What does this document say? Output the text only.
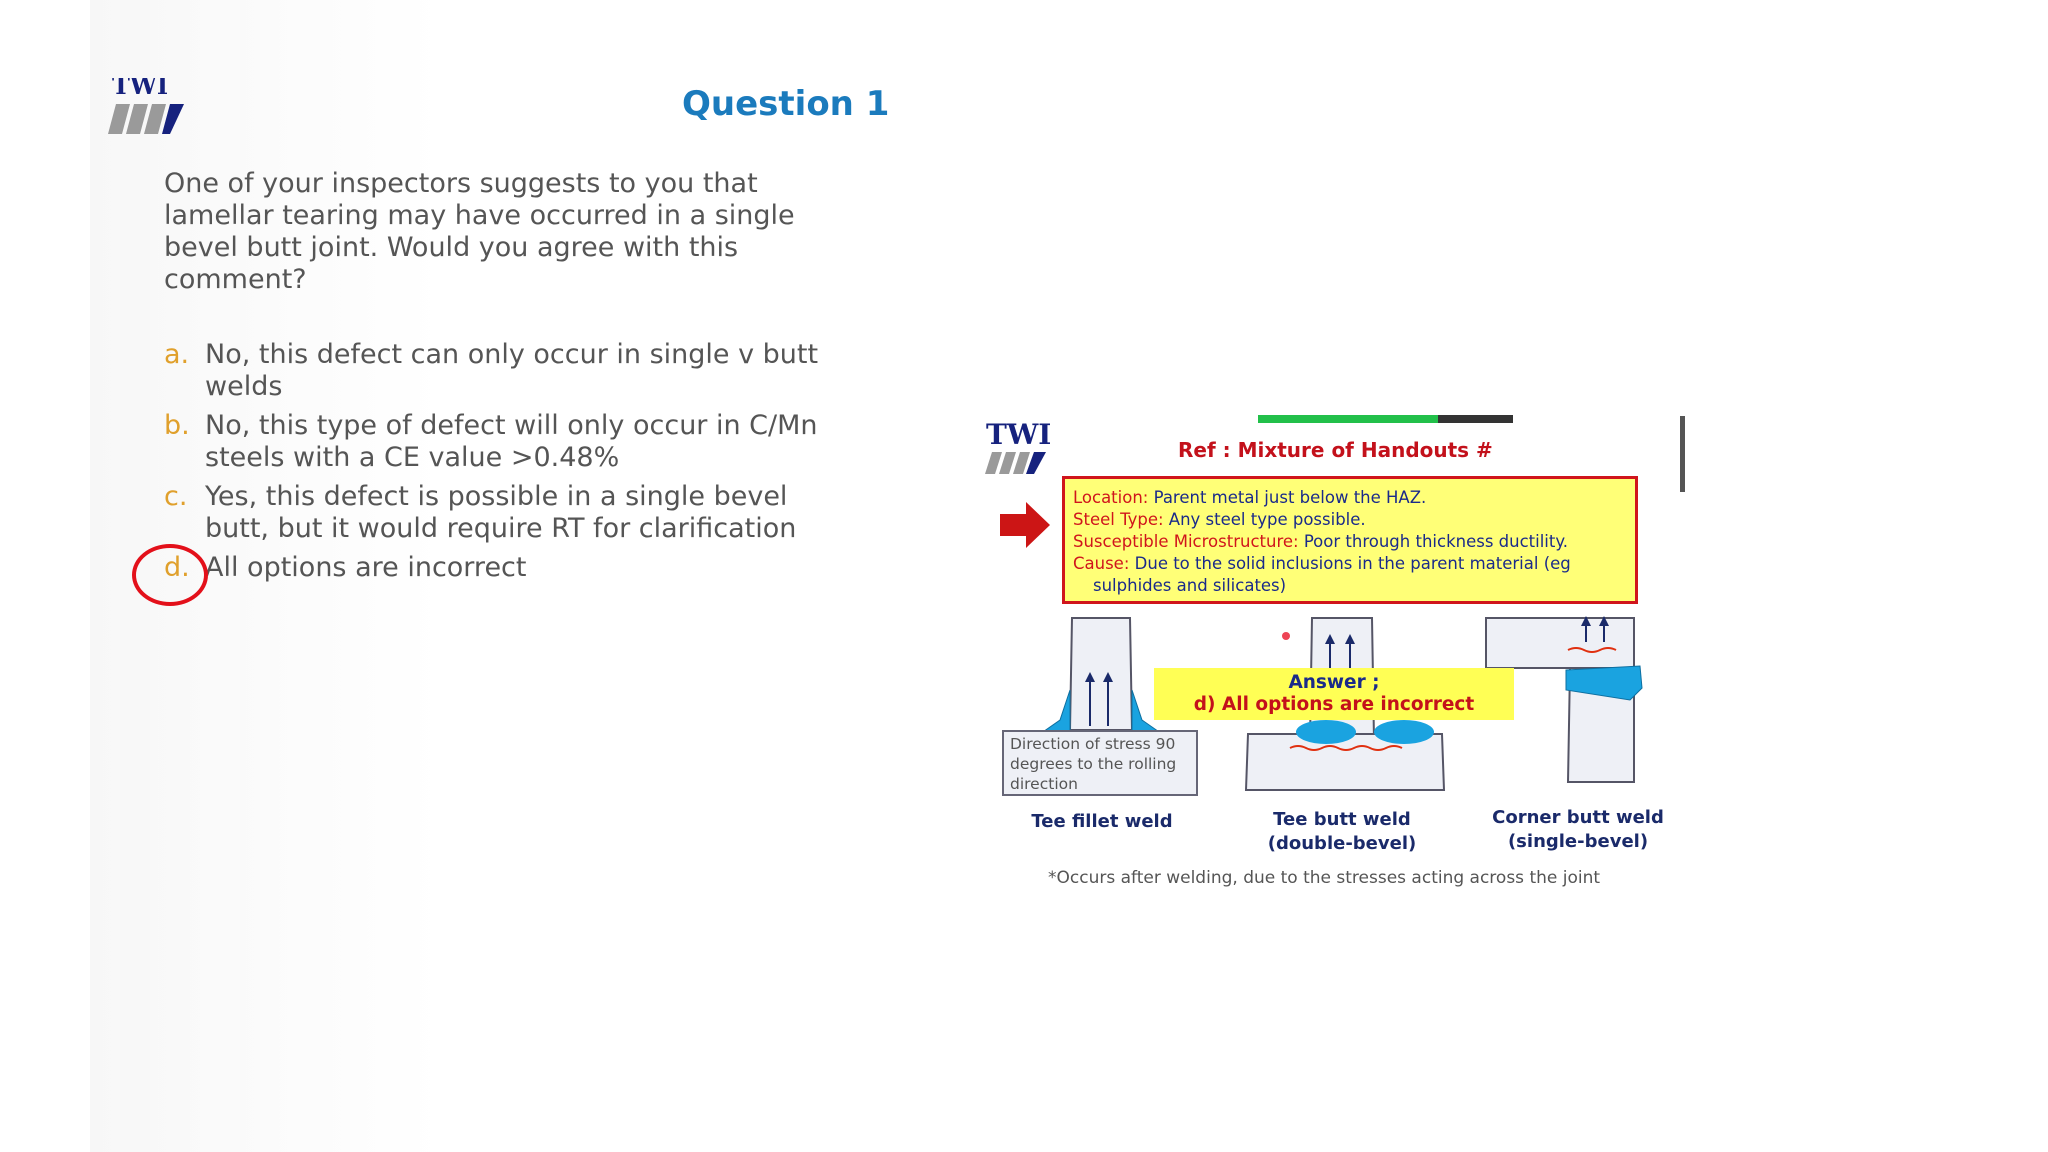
TWI	Question 1
One of your inspectors suggests to you that lamellar tearing may have occurred in a single bevel butt joint. Would you agree with this comment?
a. No, this defect can only occur in single v butt welds
b. No, this type of defect will only occur in C/Mn steels with a CE value >0.48%
c. Yes, this defect is possible in a single bevel butt, but it would require RT for clarification
d. All options are incorrect
TWI	Ref : Mixture of Handouts #
Location: Parent metal just below the HAZ.
Steel Type: Any steel type possible.
Susceptible Microstructure: Poor through thickness ductility.
Cause: Due to the solid inclusions in the parent material (eg
sulphides and silicates)
Direction of stress 90 degrees to the rolling direction
Answer ;
d) All options are incorrect
Tee fillet weld	Tee butt weld
(double-bevel)
Corner butt weld
(single-bevel)
*Occurs after welding, due to the stresses acting across the joint
